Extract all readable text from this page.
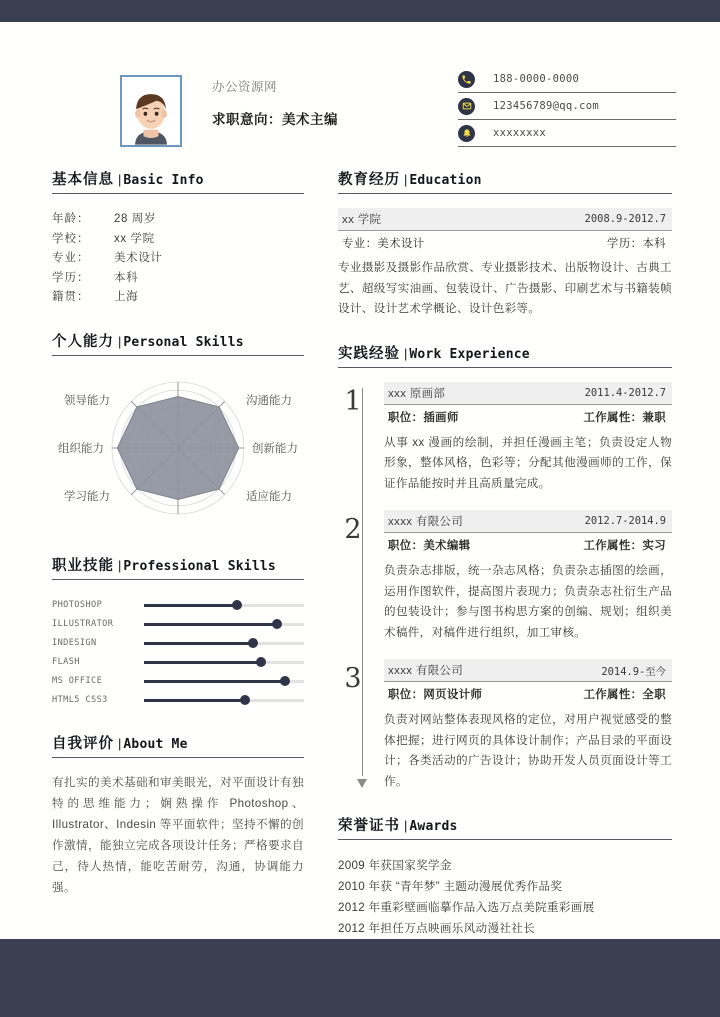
办公资源网
求职意向：美术主编
188-0000-0000
123456789@qq.com
xxxxxxxx
基本信息 | Basic Info
年龄：	28 周岁
学校：	xx 学院
专业：	美术设计
学历：	本科
籍贯：	上海
个人能力 | Personal Skills
领导能力	沟通能力
创新能力
适应能力
学习能力
组织能力
职业技能 | Professional Skills
PHOTOSHOP
ILLUSTRATOR
INDESIGN
FLASH
MS OFFICE
HTML5 CSS3
自我评价 | About Me
有扎实的美术基础和审美眼光，对平面设计有独特的思维能力；娴熟操作 Photoshop、Illustrator、Indesin 等平面软件；坚持不懈的创作激情，能独立完成各项设计任务；严格要求自己，待人热情，能吃苦耐劳，沟通，协调能力强。
教育经历 | Education
xx 学院	2008.9-2012.7
专业：美术设计	学历：本科
专业摄影及摄影作品欣赏、专业摄影技术、出版物设计、古典工艺、超级写实油画、包装设计、广告摄影、印刷艺术与书籍装帧设计、设计艺术学概论、设计色彩等。
实践经验 | Work Experience
1	xxx 原画部	2011.4-2012.7
职位：插画师	工作属性：兼职
从事 xx 漫画的绘制，并担任漫画主笔；负责设定人物形象，整体风格，色彩等；分配其他漫画师的工作，保证作品能按时并且高质量完成。
2	xxxx 有限公司	2012.7-2014.9
职位：美术编辑	工作属性：实习
负责杂志排版，统一杂志风格；负责杂志插图的绘画，运用作图软件，提高图片表现力；负责杂志社衍生产品的包装设计；参与图书构思方案的创编、规划；组织美术稿件，对稿件进行组织，加工审核。
3	xxxx 有限公司	2014.9-至今
职位：网页设计师	工作属性：全职
负责对网站整体表现风格的定位，对用户视觉感受的整体把握；进行网页的具体设计制作；产品目录的平面设计；各类活动的广告设计；协助开发人员页面设计等工作。
荣誉证书 | Awards
2009 年获国家奖学金
2010 年获 “青年梦” 主题动漫展优秀作品奖
2012 年重彩壁画临摹作品入选万点美院重彩画展
2012 年担任万点映画乐风动漫社社长
